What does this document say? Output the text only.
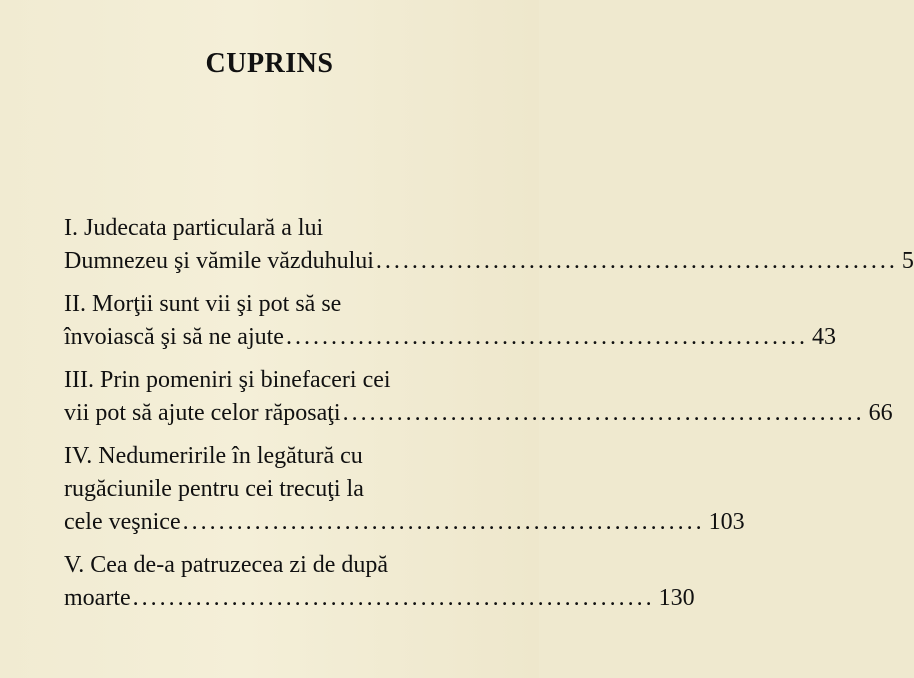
CUPRINS
I. Judecata particulară a lui
Dumnezeu şi vămile văzduhului .......................................................... 5
II. Morţii sunt vii şi pot să se
învoiască şi să ne ajute .......................................................... 43
III. Prin pomeniri şi binefaceri cei
vii pot să ajute celor răposaţi .......................................................... 66
IV. Nedumeririle în legătură cu
rugăciunile pentru cei trecuţi la
cele veşnice .......................................................... 103
V. Cea de-a patruzecea zi de după
moarte .......................................................... 130
